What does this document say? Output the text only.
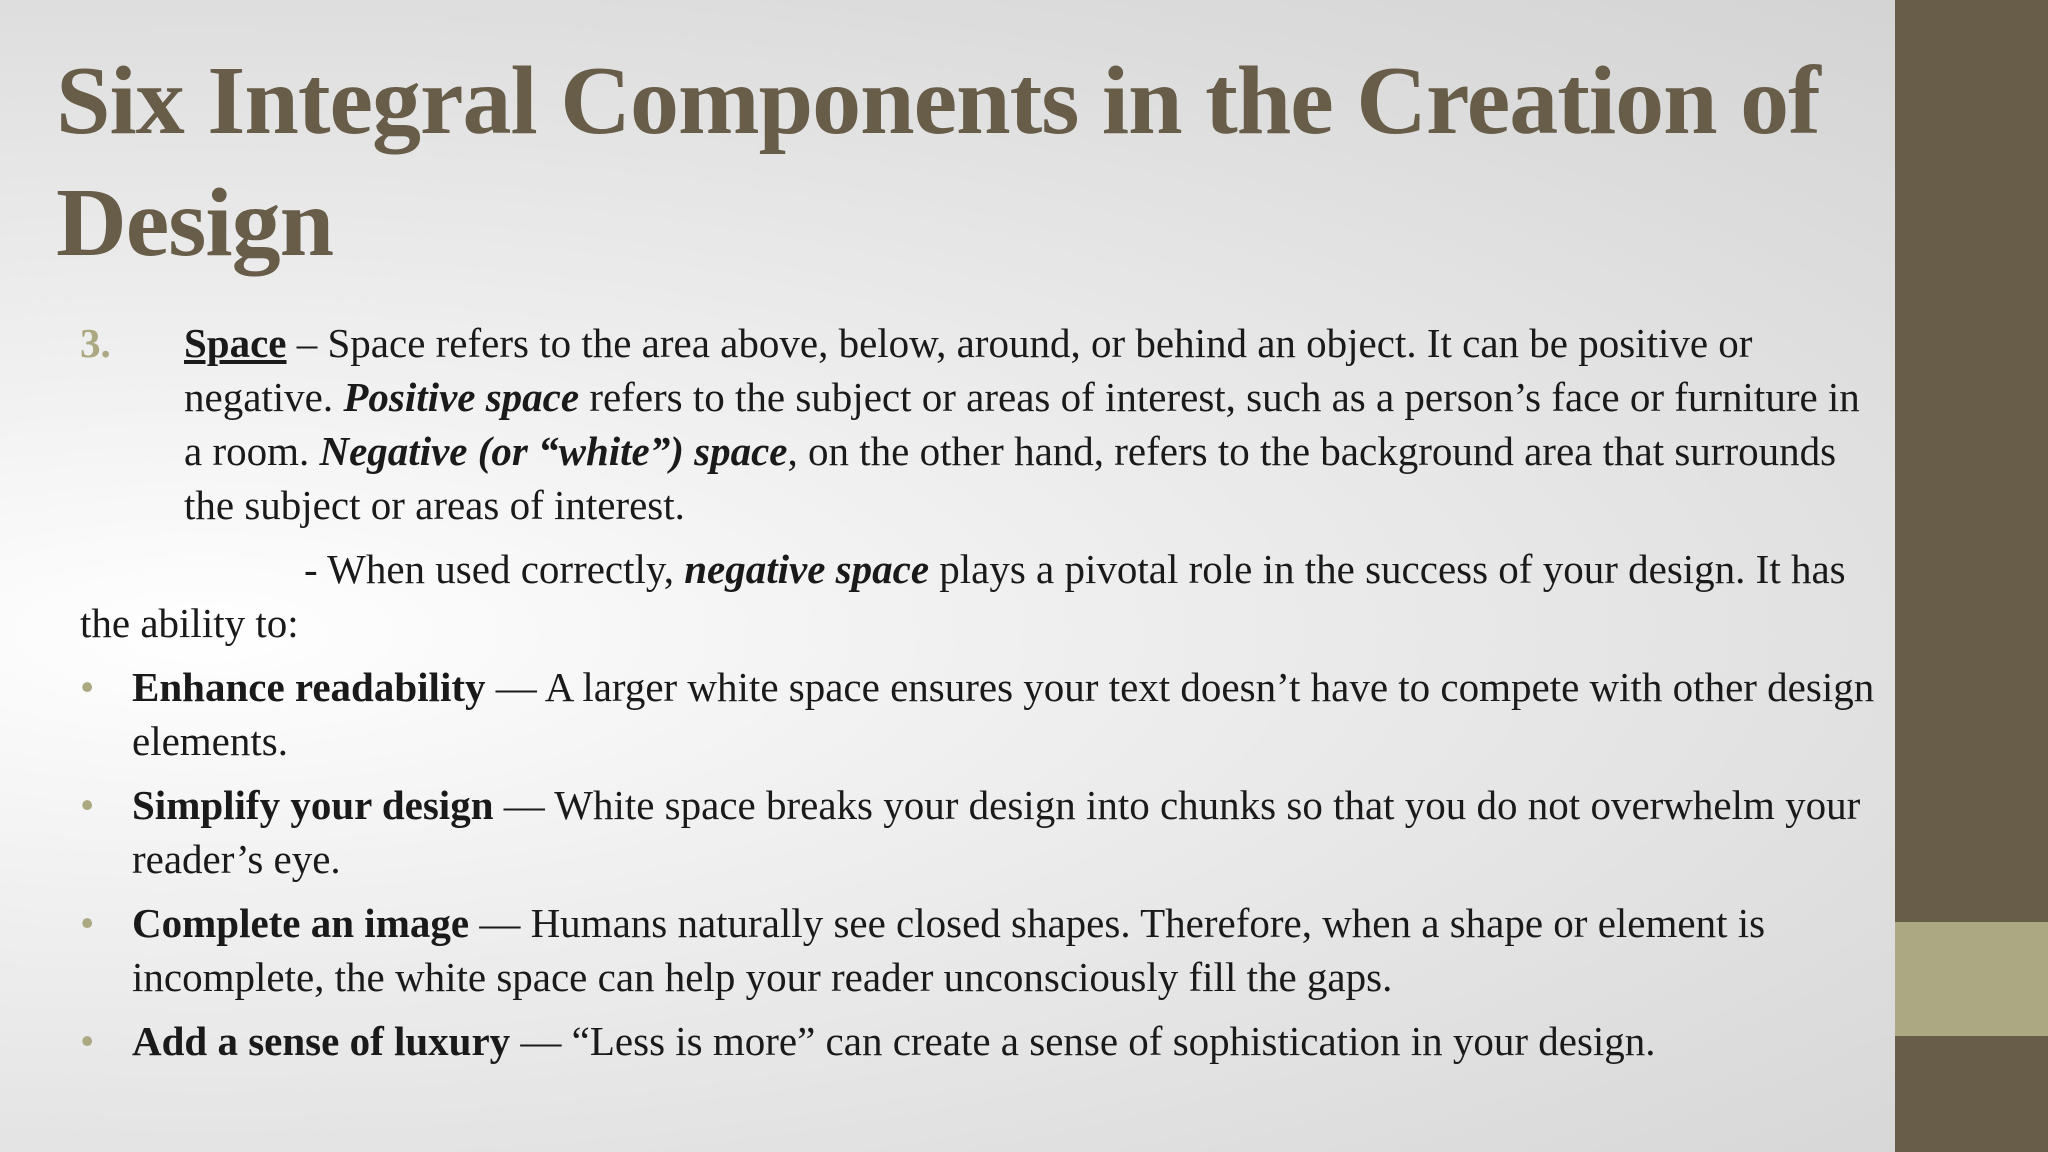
Six Integral Components in the Creation of Design
3. Space – Space refers to the area above, below, around, or behind an object. It can be positive or negative. Positive space refers to the subject or areas of interest, such as a person’s face or furniture in a room. Negative (or “white”) space, on the other hand, refers to the background area that surrounds the subject or areas of interest.
- When used correctly, negative space plays a pivotal role in the success of your design. It has the ability to:
• Enhance readability — A larger white space ensures your text doesn’t have to compete with other design elements.
• Simplify your design — White space breaks your design into chunks so that you do not overwhelm your reader’s eye.
• Complete an image — Humans naturally see closed shapes. Therefore, when a shape or element is incomplete, the white space can help your reader unconsciously fill the gaps.
• Add a sense of luxury — “Less is more” can create a sense of sophistication in your design.
